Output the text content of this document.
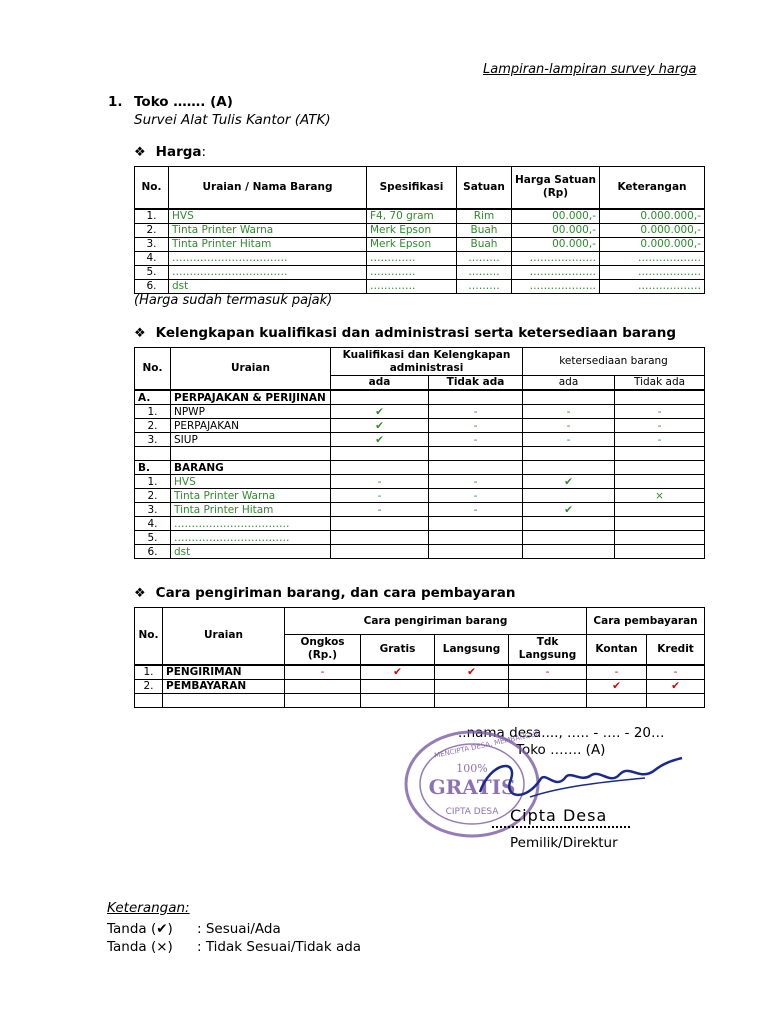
Lampiran-lampiran survey harga
1. Toko ……. (A)
Survei Alat Tulis Kantor (ATK)
❖ Harga:
No.	Uraian / Nama Barang	Spesifikasi	Satuan	Harga Satuan (Rp)	Keterangan
1.	HVS	F4, 70 gram	Rim	00.000,-	0.000.000,-
2.	Tinta Printer Warna	Merk Epson	Buah	00.000,-	0.000.000,-
3.	Tinta Printer Hitam	Merk Epson	Buah	00.000,-	0.000.000,-
4.	……………………………	………….	………	……………….	………………
5.	……………………………	………….	………	……………….	………………
6.	dst	………….	………	……………….	………………
(Harga sudah termasuk pajak)
❖ Kelengkapan kualifikasi dan administrasi serta ketersediaan barang
No.	Uraian	Kualifikasi dan Kelengkapan administrasi		ketersediaan barang	
		ada	Tidak ada	ada	Tidak ada
A.	PERPAJAKAN & PERIJINAN				
1.	NPWP	✔	-	-	-
2.	PERPAJAKAN	✔	-	-	-
3.	SIUP	✔	-	-	-

B.	BARANG				
1.	HVS	-	-	✔	
2.	Tinta Printer Warna	-	-		×
3.	Tinta Printer Hitam	-	-	✔	
4.	……………………………				
5.	……………………………				
6.	dst				
❖ Cara pengiriman barang, dan cara pembayaran
No.	Uraian	Cara pengiriman barang				Cara pembayaran	
		Ongkos (Rp.)	Gratis	Langsung	Tdk Langsung	Kontan	Kredit
1.	PENGIRIMAN	-	✔	✔	-	-	-
2.	PEMBAYARAN					✔	✔

..nama desa...., ….. - …. - 20…
Toko ……. (A)
100%
GRATIS
CIPTA DESA
MENCIPTA DESA, MEMBANGUN
Cipta Desa
Pemilik/Direktur
Keterangan:
Tanda (✔) : Sesuai/Ada
Tanda (×) : Tidak Sesuai/Tidak ada
